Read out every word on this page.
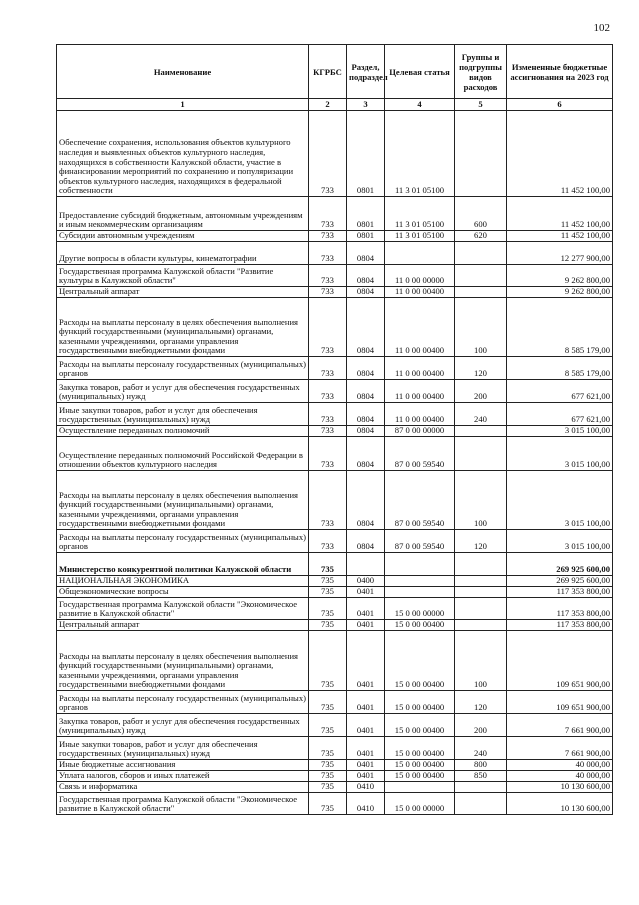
102
Наименование	КГРБС	Раздел, подраздел	Целевая статья	Группы и подгруппы видов расходов	Измененные бюджетные ассигнования на 2023 год
1	2	3	4	5	6
Обеспечение сохранения, использования объектов культурного наследия и выявленных объектов культурного наследия, находящихся в собственности Калужской области, участие в финансировании мероприятий по сохранению и популяризации объектов культурного наследия, находящихся в федеральной собственности	733	0801	11 3 01 05100		11 452 100,00
Предоставление субсидий бюджетным, автономным учреждениям и иным некоммерческим организациям	733	0801	11 3 01 05100	600	11 452 100,00
Субсидии автономным учреждениям	733	0801	11 3 01 05100	620	11 452 100,00
Другие вопросы в области культуры, кинематографии	733	0804			12 277 900,00
Государственная программа Калужской области "Развитие культуры в Калужской области"	733	0804	11 0 00 00000		9 262 800,00
Центральный аппарат	733	0804	11 0 00 00400		9 262 800,00
Расходы на выплаты персоналу в целях обеспечения выполнения функций государственными (муниципальными) органами, казенными учреждениями, органами управления государственными внебюджетными фондами	733	0804	11 0 00 00400	100	8 585 179,00
Расходы на выплаты персоналу государственных (муниципальных) органов	733	0804	11 0 00 00400	120	8 585 179,00
Закупка товаров, работ и услуг для обеспечения государственных (муниципальных) нужд	733	0804	11 0 00 00400	200	677 621,00
Иные закупки товаров, работ и услуг для обеспечения государственных (муниципальных) нужд	733	0804	11 0 00 00400	240	677 621,00
Осуществление переданных полномочий	733	0804	87 0 00 00000		3 015 100,00
Осуществление переданных полномочий Российской Федерации в отношении объектов культурного наследия	733	0804	87 0 00 59540		3 015 100,00
Расходы на выплаты персоналу в целях обеспечения выполнения функций государственными (муниципальными) органами, казенными учреждениями, органами управления государственными внебюджетными фондами	733	0804	87 0 00 59540	100	3 015 100,00
Расходы на выплаты персоналу государственных (муниципальных) органов	733	0804	87 0 00 59540	120	3 015 100,00
Министерство конкурентной политики Калужской области	735				269 925 600,00
НАЦИОНАЛЬНАЯ ЭКОНОМИКА	735	0400			269 925 600,00
Общеэкономические вопросы	735	0401			117 353 800,00
Государственная программа Калужской области "Экономическое развитие в Калужской области"	735	0401	15 0 00 00000		117 353 800,00
Центральный аппарат	735	0401	15 0 00 00400		117 353 800,00
Расходы на выплаты персоналу в целях обеспечения выполнения функций государственными (муниципальными) органами, казенными учреждениями, органами управления государственными внебюджетными фондами	735	0401	15 0 00 00400	100	109 651 900,00
Расходы на выплаты персоналу государственных (муниципальных) органов	735	0401	15 0 00 00400	120	109 651 900,00
Закупка товаров, работ и услуг для обеспечения государственных (муниципальных) нужд	735	0401	15 0 00 00400	200	7 661 900,00
Иные закупки товаров, работ и услуг для обеспечения государственных (муниципальных) нужд	735	0401	15 0 00 00400	240	7 661 900,00
Иные бюджетные ассигнования	735	0401	15 0 00 00400	800	40 000,00
Уплата налогов, сборов и иных платежей	735	0401	15 0 00 00400	850	40 000,00
Связь и информатика	735	0410			10 130 600,00
Государственная программа Калужской области "Экономическое развитие в Калужской области"	735	0410	15 0 00 00000		10 130 600,00
